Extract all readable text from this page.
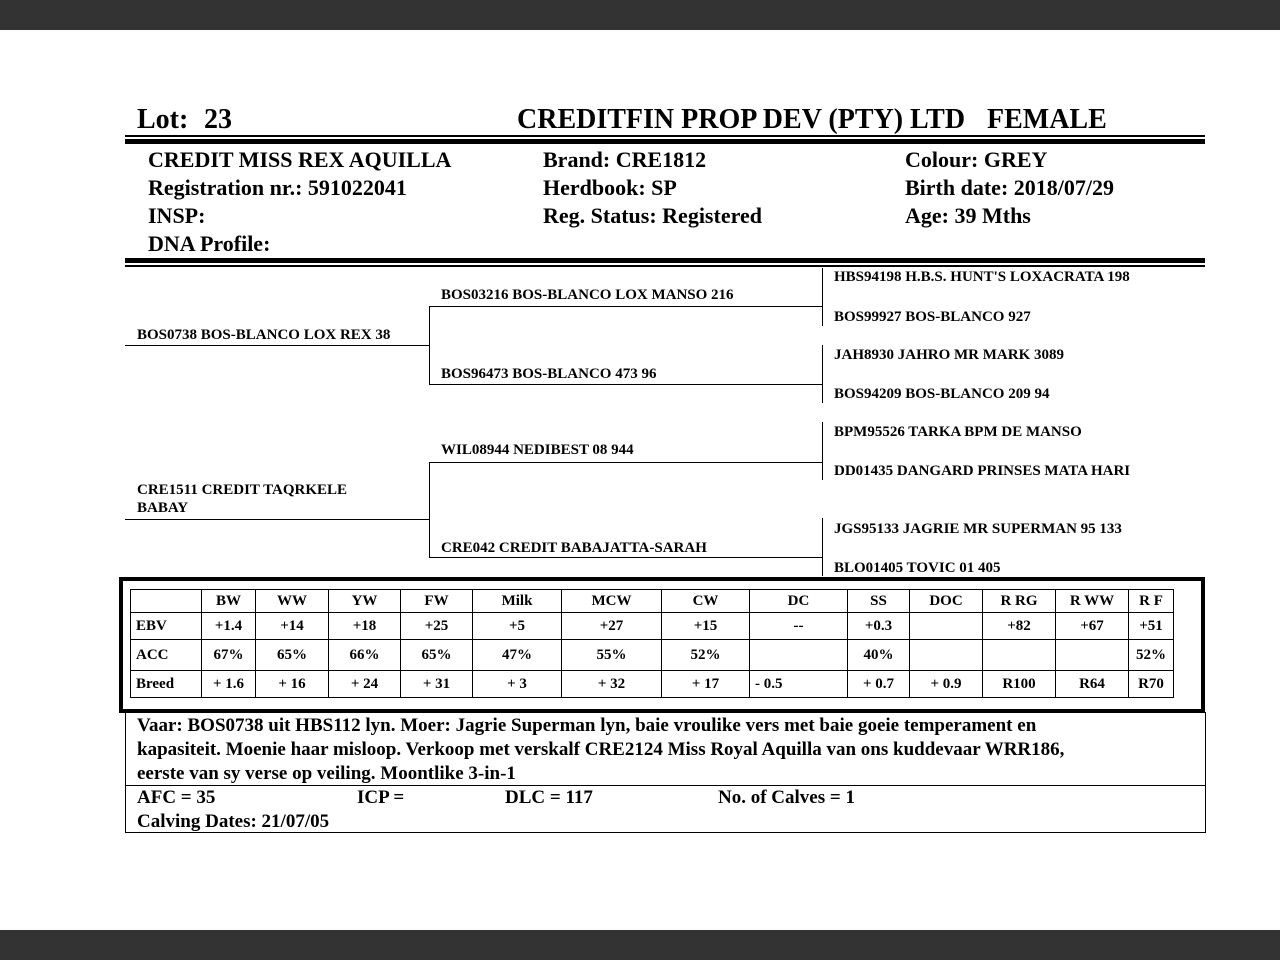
Lot: 23	CREDITFIN PROP DEV (PTY) LTD FEMALE
CREDIT MISS REX AQUILLA
Registration nr.: 591022041
INSP:
DNA Profile:
Brand: CRE1812
Herdbook: SP
Reg. Status: Registered
Colour: GREY
Birth date: 2018/07/29
Age: 39 Mths
BOS0738 BOS-BLANCO LOX REX 38
CRE1511 CREDIT TAQRKELE
BABAY
BOS03216 BOS-BLANCO LOX MANSO 216
BOS96473 BOS-BLANCO 473 96
WIL08944 NEDIBEST 08 944
CRE042 CREDIT BABAJATTA-SARAH
HBS94198 H.B.S. HUNT'S LOXACRATA 198
BOS99927 BOS-BLANCO 927
JAH8930 JAHRO MR MARK 3089
BOS94209 BOS-BLANCO 209 94
BPM95526 TARKA BPM DE MANSO
DD01435 DANGARD PRINSES MATA HARI
JGS95133 JAGRIE MR SUPERMAN 95 133
BLO01405 TOVIC 01 405
	BW	WW	YW	FW	Milk	MCW	CW	DC	SS	DOC	R RG	R WW	R F
EBV	+1.4	+14	+18	+25	+5	+27	+15	--	+0.3		+82	+67	+51
ACC	67%	65%	66%	65%	47%	55%	52%		40%				52%
Breed	+ 1.6	+ 16	+ 24	+ 31	+ 3	+ 32	+ 17	- 0.5	+ 0.7	+ 0.9	R100	R64	R70
Vaar: BOS0738 uit HBS112 lyn. Moer: Jagrie Superman lyn, baie vroulike vers met baie goeie temperament en
kapasiteit. Moenie haar misloop. Verkoop met verskalf CRE2124 Miss Royal Aquilla van ons kuddevaar WRR186,
eerste van sy verse op veiling. Moontlike 3-in-1
AFC = 35	ICP =	DLC = 117	No. of Calves = 1
Calving Dates: 21/07/05
